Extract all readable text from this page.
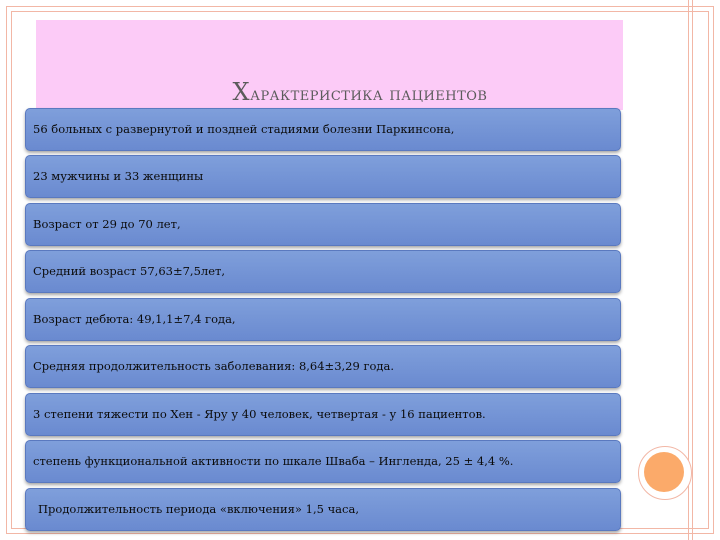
Характеристика пациентов
56 больных с развернутой и поздней стадиями болезни Паркинсона,
23 мужчины и 33 женщины
Возраст от 29 до 70 лет,
Средний возраст 57,63±7,5лет,
Возраст дебюта: 49,1,1±7,4 года,
Средняя продолжительность заболевания: 8,64±3,29 года.
3 степени тяжести по Хен - Яру у 40 человек, четвертая - у 16 пациентов.
степень функциональной активности по шкале Шваба – Ингленда, 25 ± 4,4 %.
Продолжительность периода «включения» 1,5 часа,
